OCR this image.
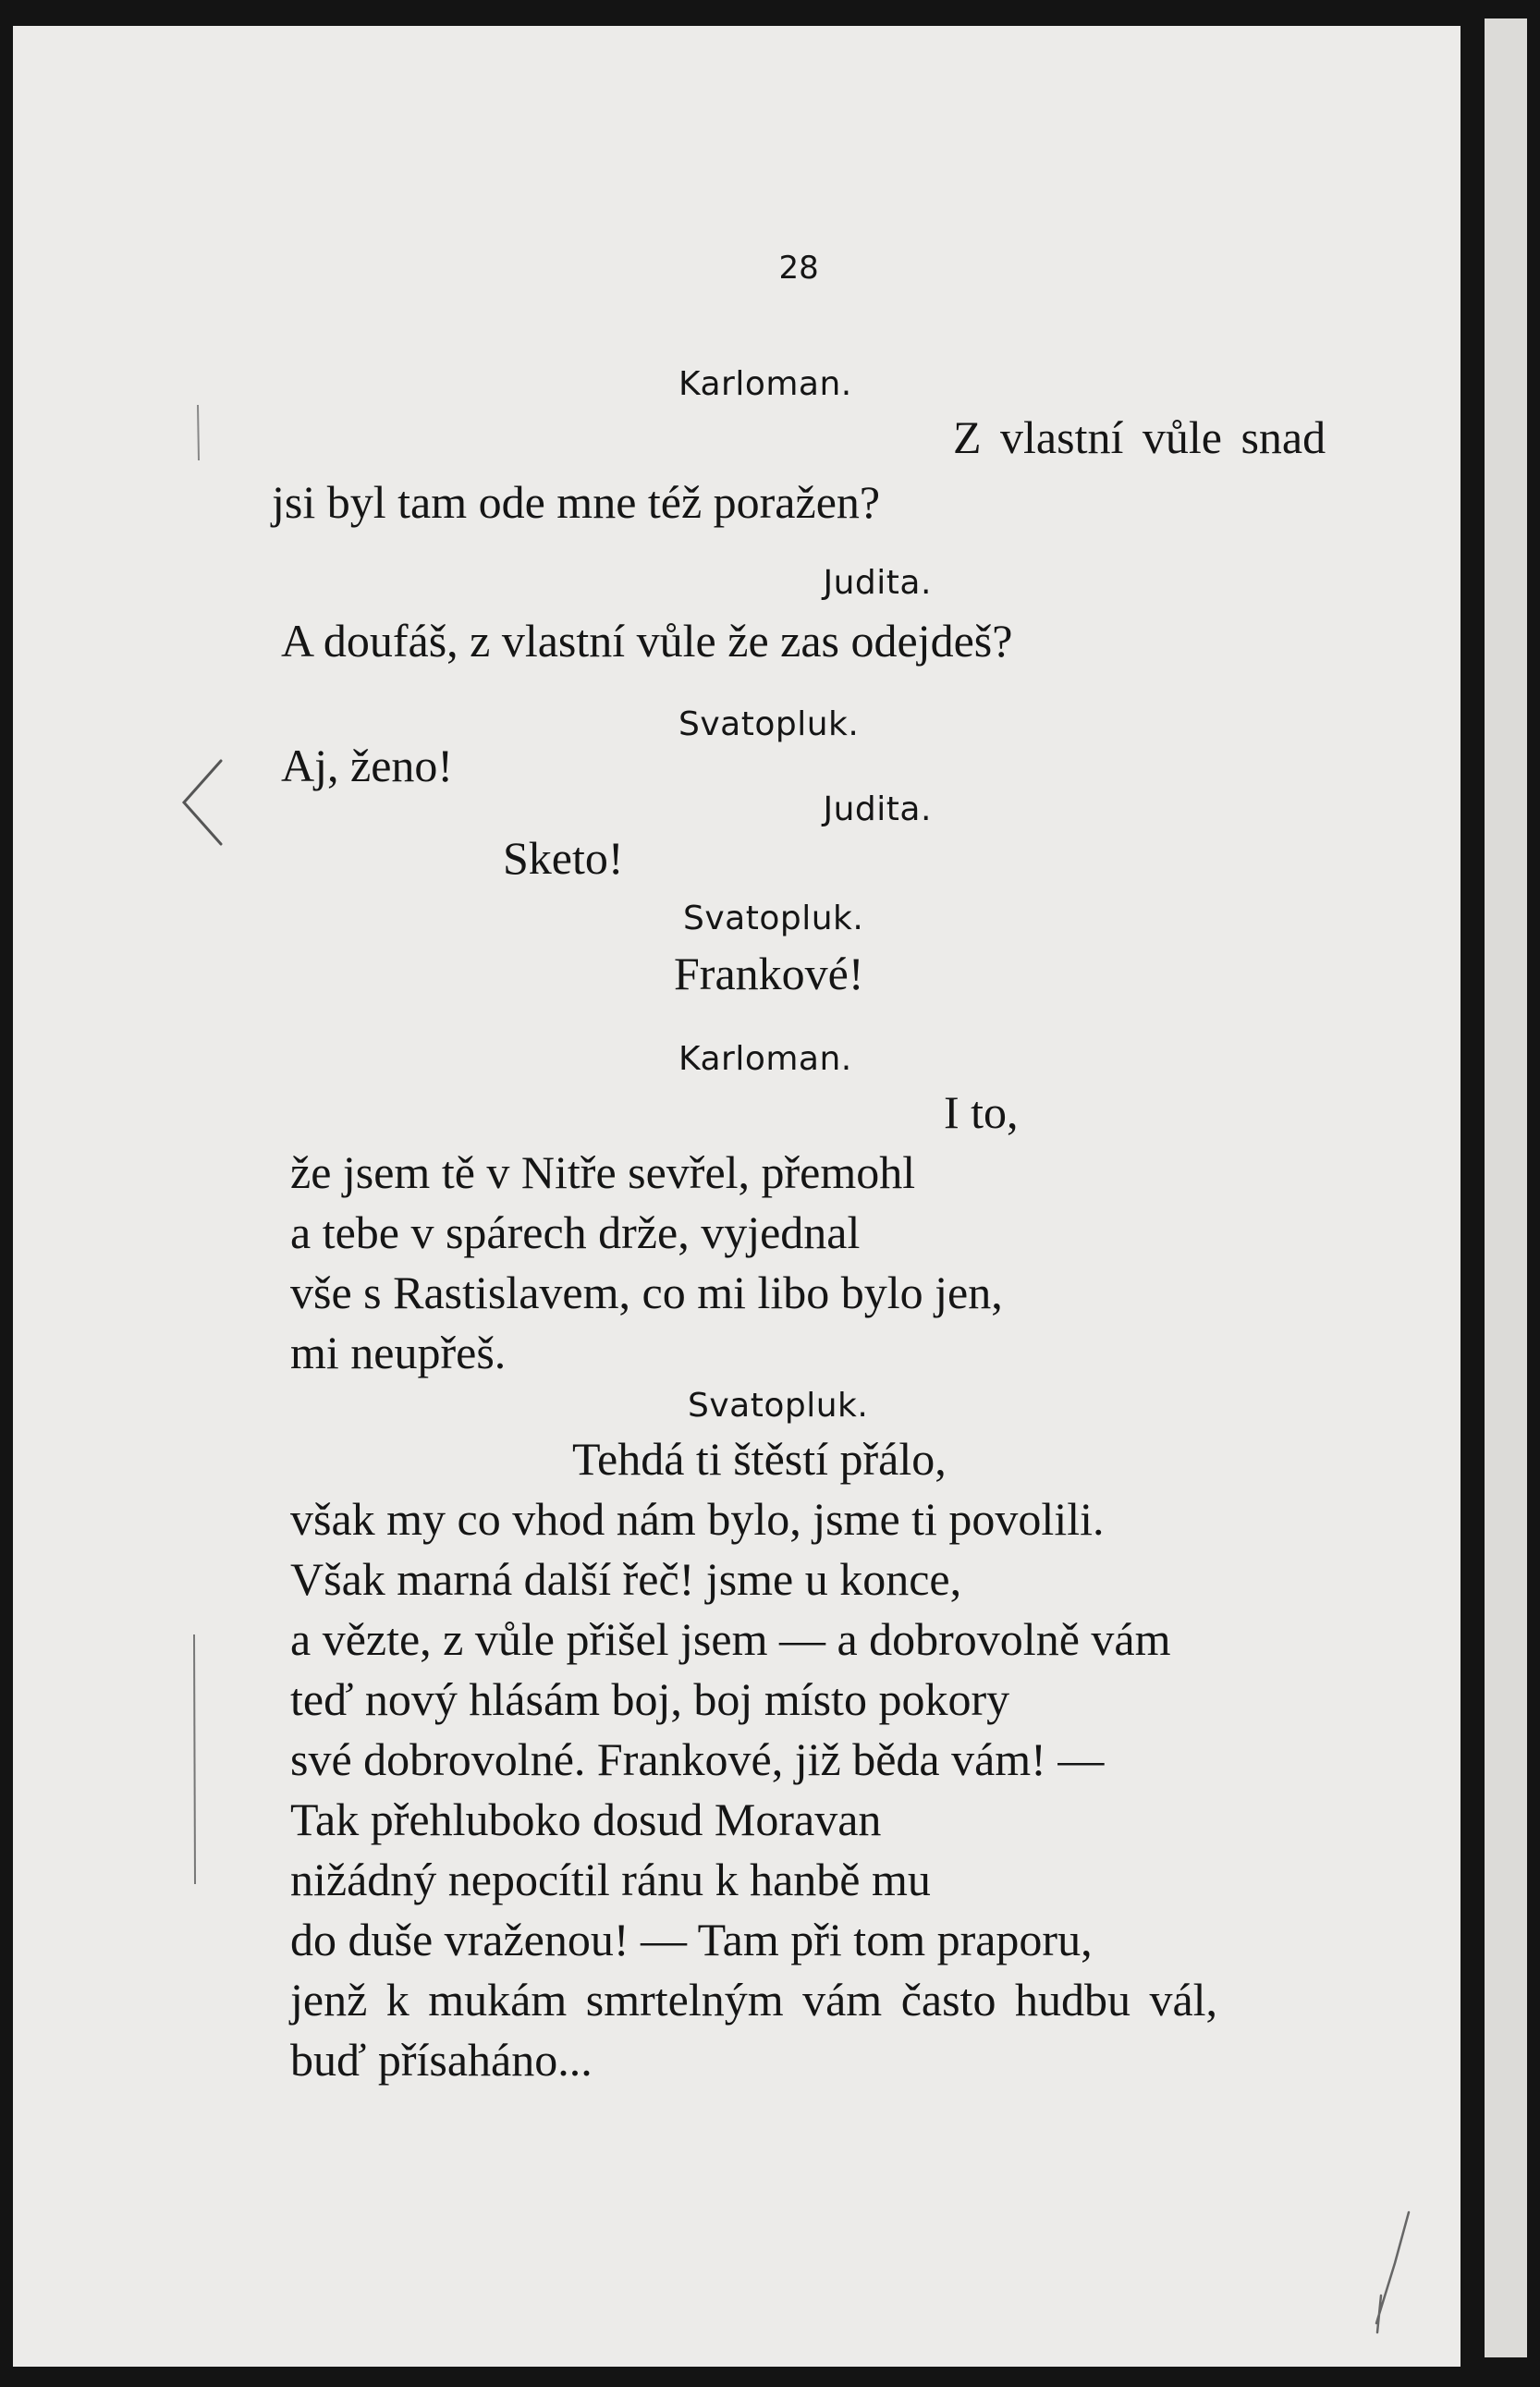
28

Karloman.

Z vlastní vůle snad

jsi byl tam ode mne též poražen?

Judita.

A doufáš, z vlastní vůle že zas odejdeš?

Svatopluk.

Aj, ženo!

Judita.

Sketo!

Svatopluk.

Frankové!

Karloman.

I to,

že jsem tě v Nitře sevřel, přemohl

a tebe v spárech drže, vyjednal

vše s Rastislavem, co mi libo bylo jen,

mi neupřeš.

Svatopluk.

Tehdá ti štěstí přálo,

však my co vhod nám bylo, jsme ti povolili.

Však marná další řeč! jsme u konce,

a vězte, z vůle přišel jsem — a dobrovolně vám

teď nový hlásám boj, boj místo pokory

své dobrovolné. Frankové, již běda vám! —

Tak přehluboko dosud Moravan

nižádný nepocítil ránu k hanbě mu

do duše vraženou! — Tam při tom praporu,

jenž k mukám smrtelným vám často hudbu vál,

buď přísaháno...
